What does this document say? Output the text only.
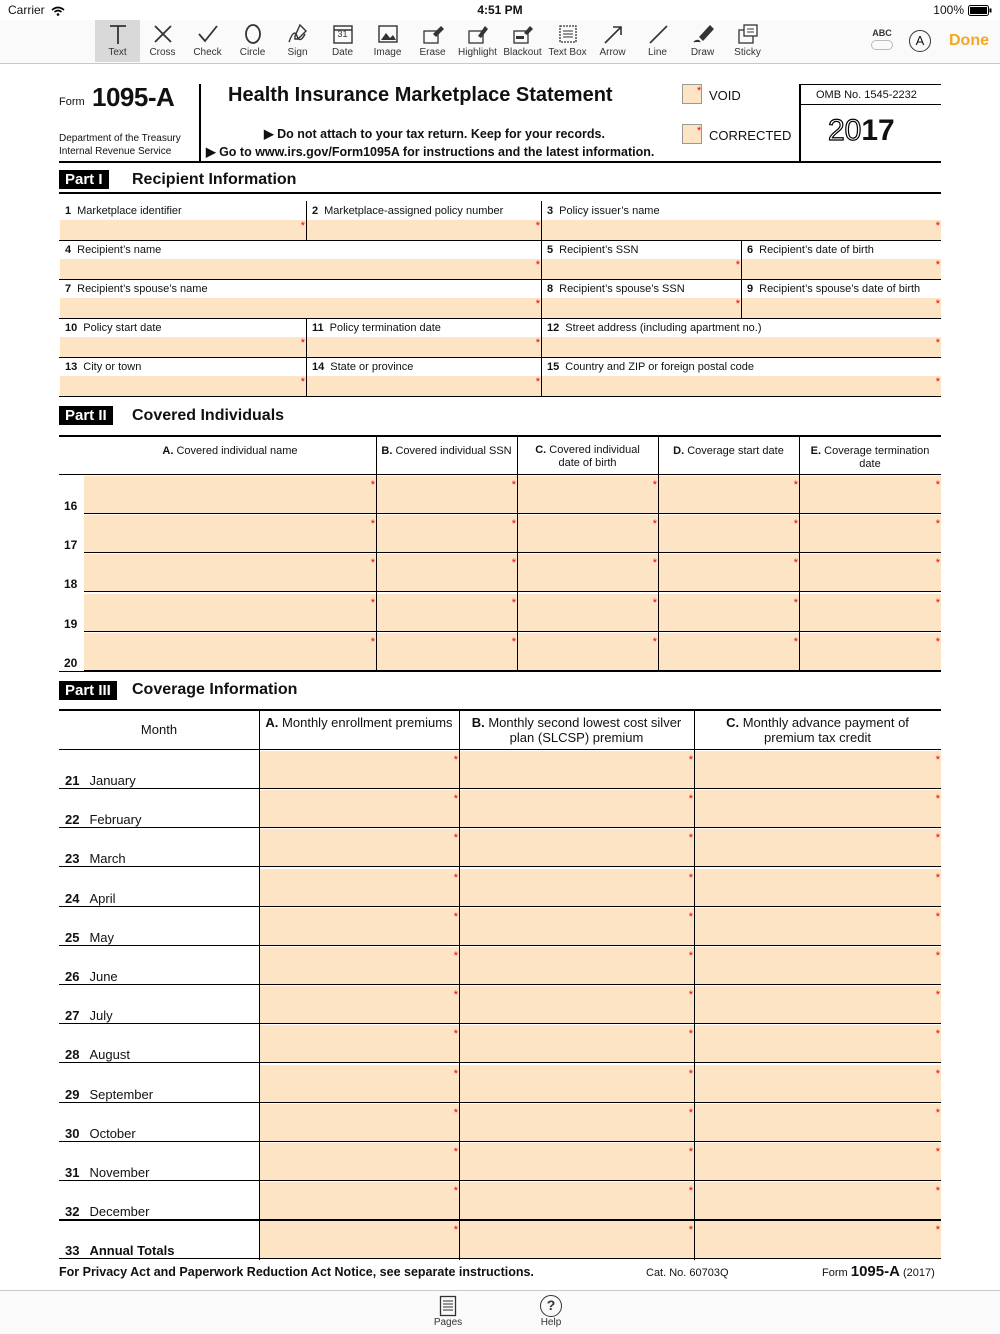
Carrier	4:51 PM	100%
ABC	A	Done
Text	Cross	Check	Circle	Sign
31
Date	Image	Erase	Highlight Blackout Text Box	Arrow	Line	Draw	Sticky
Form 1095-A
Department of the Treasury
Internal Revenue Service
Health Insurance Marketplace Statement
▶ Do not attach to your tax return. Keep for your records.
▶ Go to www.irs.gov/Form1095A for instructions and the latest information.
* VOID
* CORRECTED
OMB No. 1545-2232
2017
Part I	Recipient Information
1 Marketplace identifier
*
2 Marketplace-assigned policy number
*
3 Policy issuer’s name
*
4 Recipient’s name
*
5 Recipient’s SSN
*
6 Recipient’s date of birth
*
7 Recipient’s spouse’s name
*
8 Recipient’s spouse’s SSN
*
9 Recipient’s spouse’s date of birth
*
10 Policy start date
*
11 Policy termination date
*
12 Street address (including apartment no.)
*
13 City or town
*
14 State or province
*
15 Country and ZIP or foreign postal code
*
Part II	Covered Individuals
A. Covered individual name	B. Covered individual SSN	C. Covered individual
date of birth
D. Coverage start date	E. Coverage termination date
16
*	*	*	*	*
17
*	*	*	*	*
18
*	*	*	*	*
19
*	*	*	*	*
20
*	*	*	*	*
Part III	Coverage Information
Month	A. Monthly enrollment premiums	B. Monthly second lowest cost silver
plan (SLCSP) premium
C. Monthly advance payment of
premium tax credit
21 January
*	*	*
22 February
*	*	*
23 March
*	*	*
24 April
*	*	*
25 May
*	*	*
26 June
*	*	*
27 July
*	*	*
28 August
*	*	*
29 September
*	*	*
30 October
*	*	*
31 November
*	*	*
32 December
*	*	*
33 Annual Totals
*	*	*
For Privacy Act and Paperwork Reduction Act Notice, see separate instructions.	Cat. No. 60703Q	Form 1095-A (2017)
Pages
?
Help
